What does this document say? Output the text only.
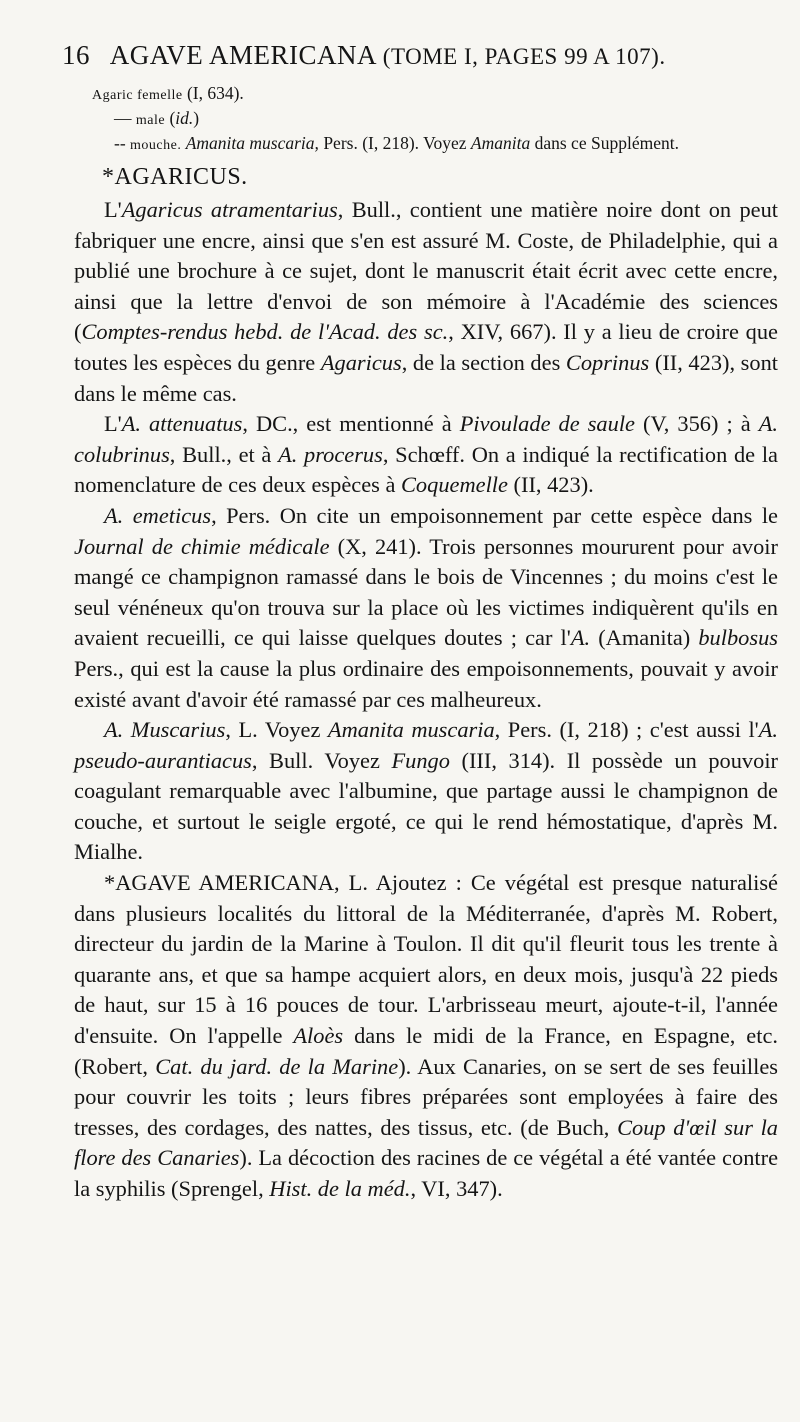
16 AGAVE AMERICANA (TOME I, PAGES 99 A 107).

Agaric femelle (I, 634).

— male (id.)

-- mouche. Amanita muscaria, Pers. (I, 218). Voyez Amanita dans ce Supplément.

*AGARICUS.

L'Agaricus atramentarius, Bull., contient une matière noire dont on peut fabriquer une encre, ainsi que s'en est assuré M. Coste, de Philadelphie, qui a publié une brochure à ce sujet, dont le manuscrit était écrit avec cette encre, ainsi que la lettre d'envoi de son mémoire à l'Académie des sciences (Comptes-rendus hebd. de l'Acad. des sc., XIV, 667). Il y a lieu de croire que toutes les espèces du genre Agaricus, de la section des Coprinus (II, 423), sont dans le même cas.

L'A. attenuatus, DC., est mentionné à Pivoulade de saule (V, 356) ; à A. colubrinus, Bull., et à A. procerus, Schœff. On a indiqué la rectification de la nomenclature de ces deux espèces à Coquemelle (II, 423).

A. emeticus, Pers. On cite un empoisonnement par cette espèce dans le Journal de chimie médicale (X, 241). Trois personnes moururent pour avoir mangé ce champignon ramassé dans le bois de Vincennes ; du moins c'est le seul vénéneux qu'on trouva sur la place où les victimes indiquèrent qu'ils en avaient recueilli, ce qui laisse quelques doutes ; car l'A. (Amanita) bulbosus Pers., qui est la cause la plus ordinaire des empoisonnements, pouvait y avoir existé avant d'avoir été ramassé par ces malheureux.

A. Muscarius, L. Voyez Amanita muscaria, Pers. (I, 218) ; c'est aussi l'A. pseudo-aurantiacus, Bull. Voyez Fungo (III, 314). Il possède un pouvoir coagulant remarquable avec l'albumine, que partage aussi le champignon de couche, et surtout le seigle ergoté, ce qui le rend hémostatique, d'après M. Mialhe.

*AGAVE AMERICANA, L. Ajoutez : Ce végétal est presque naturalisé dans plusieurs localités du littoral de la Méditerranée, d'après M. Robert, directeur du jardin de la Marine à Toulon. Il dit qu'il fleurit tous les trente à quarante ans, et que sa hampe acquiert alors, en deux mois, jusqu'à 22 pieds de haut, sur 15 à 16 pouces de tour. L'arbrisseau meurt, ajoute-t-il, l'année d'ensuite. On l'appelle Aloès dans le midi de la France, en Espagne, etc. (Robert, Cat. du jard. de la Marine). Aux Canaries, on se sert de ses feuilles pour couvrir les toits ; leurs fibres préparées sont employées à faire des tresses, des cordages, des nattes, des tissus, etc. (de Buch, Coup d'œil sur la flore des Canaries). La décoction des racines de ce végétal a été vantée contre la syphilis (Sprengel, Hist. de la méd., VI, 347).
